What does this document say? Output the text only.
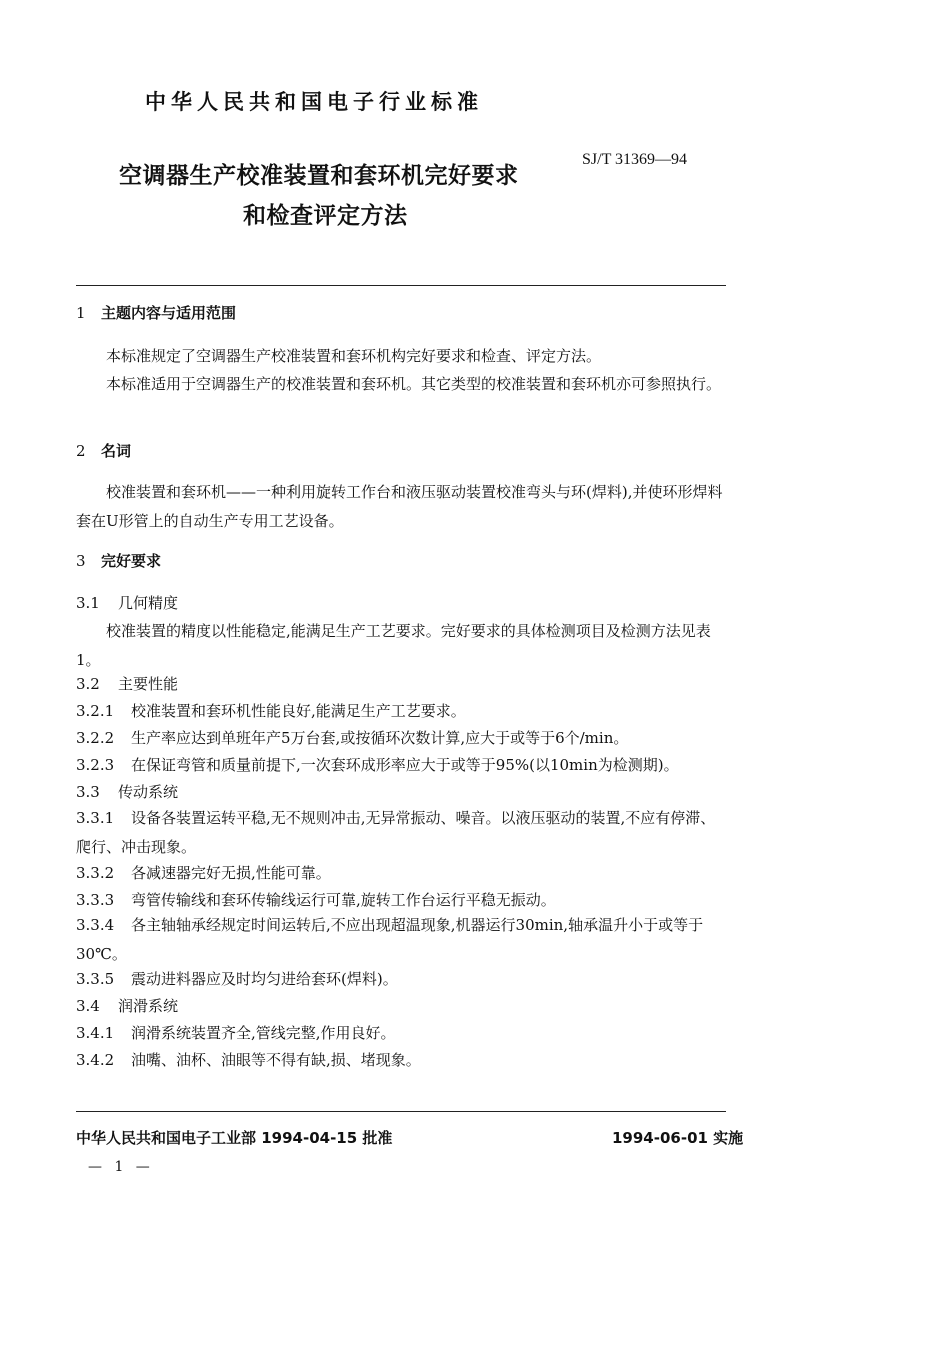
中华人民共和国电子行业标准
SJ/T 31369—94
空调器生产校准装置和套环机完好要求
和检查评定方法
1 主题内容与适用范围
本标准规定了空调器生产校准装置和套环机构完好要求和检查、评定方法。
本标准适用于空调器生产的校准装置和套环机。其它类型的校准装置和套环机亦可参照执行。
2 名词
校准装置和套环机——一种利用旋转工作台和液压驱动装置校准弯头与环(焊料),并使环形焊料套在U形管上的自动生产专用工艺设备。
3 完好要求
3.1 几何精度
校准装置的精度以性能稳定,能满足生产工艺要求。完好要求的具体检测项目及检测方法见表1。
3.2 主要性能
3.2.1 校准装置和套环机性能良好,能满足生产工艺要求。
3.2.2 生产率应达到单班年产5万台套,或按循环次数计算,应大于或等于6个/min。
3.2.3 在保证弯管和质量前提下,一次套环成形率应大于或等于95%(以10min为检测期)。
3.3 传动系统
3.3.1 设备各装置运转平稳,无不规则冲击,无异常振动、噪音。以液压驱动的装置,不应有停滞、爬行、冲击现象。
3.3.2 各减速器完好无损,性能可靠。
3.3.3 弯管传输线和套环传输线运行可靠,旋转工作台运行平稳无振动。
3.3.4 各主轴轴承经规定时间运转后,不应出现超温现象,机器运行30min,轴承温升小于或等于30℃。
3.3.5 震动进料器应及时均匀进给套环(焊料)。
3.4 润滑系统
3.4.1 润滑系统装置齐全,管线完整,作用良好。
3.4.2 油嘴、油杯、油眼等不得有缺,损、堵现象。
中华人民共和国电子工业部 1994-04-15 批准	1994-06-01 实施
— 1 —
